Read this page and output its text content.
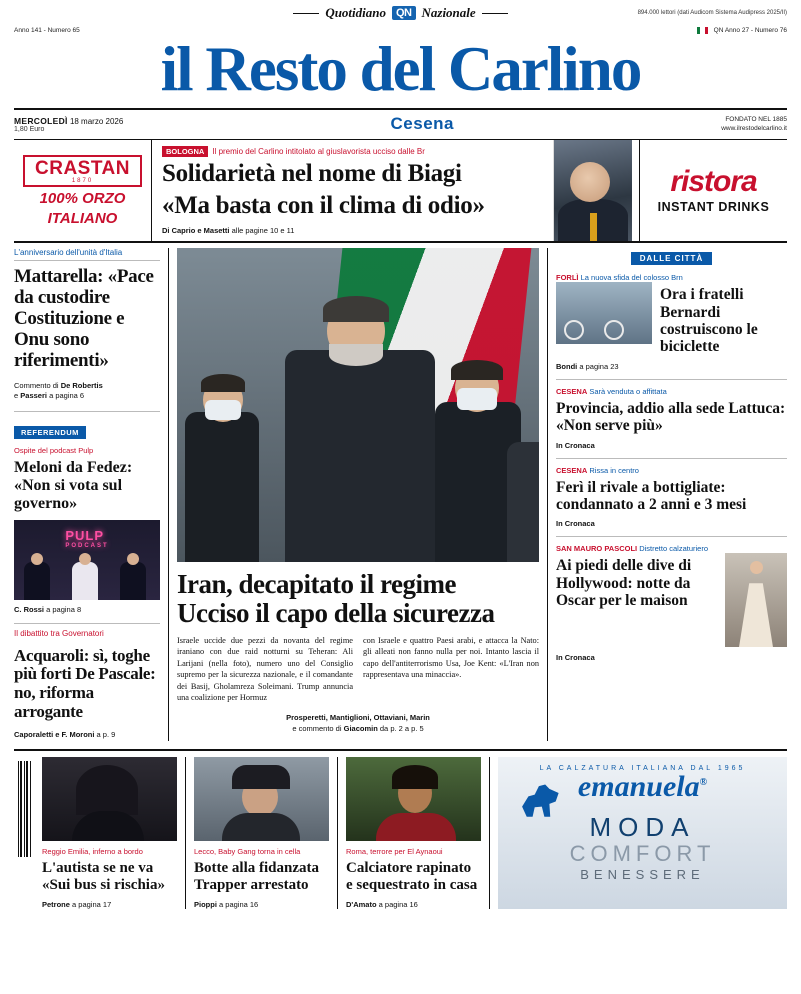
Quotidiano QN Nazionale	894.000 lettori (dati Audicom Sistema Audipress 2025/II)
Anno 141 - Numero 65	QN Anno 27 - Numero 76
il Resto del Carlino
MERCOLEDÌ 18 marzo 2026
1,80 Euro	Cesena	FONDATO NEL 1885
www.ilrestodelcarlino.it
CRASTAN
1870
100% ORZO
ITALIANO
BOLOGNA Il premio del Carlino intitolato al giuslavorista ucciso dalle Br
Solidarietà nel nome di Biagi
«Ma basta con il clima di odio»
Di Caprio e Masetti alle pagine 10 e 11
ristora
INSTANT DRINKS
L'anniversario dell'unità d'Italia
Mattarella: «Pace da custodire Costituzione e Onu sono riferimenti»
Commento di De Robertis
e Passeri a pagina 6
REFERENDUM
Ospite del podcast Pulp
Meloni da Fedez: «Non si vota sul governo»
PULP
PODCAST
C. Rossi a pagina 8
Il dibattito tra Governatori
Acquaroli: sì, toghe più forti De Pascale: no, riforma arrogante
Caporaletti e F. Moroni a p. 9
Iran, decapitato il regime
Ucciso il capo della sicurezza

Israele uccide due pezzi da novanta del regime iraniano con due raid notturni su Teheran: Ali Larijani (nella foto), numero uno del Consiglio supremo per la sicurezza nazionale, e il comandante dei Basij, Gholamreza Soleimani. Trump annuncia una coalizione per Hormuz

con Israele e quattro Paesi arabi, e attacca la Nato: gli alleati non fanno nulla per noi. Intanto lascia il capo dell'antiterrorismo Usa, Joe Kent: «L'Iran non rappresentava una minaccia».

Prosperetti, Mantiglioni, Ottaviani, Marin
e commento di Giacomin da p. 2 a p. 5
DALLE CITTÀ
FORLÌ La nuova sfida del colosso Brn
Ora i fratelli Bernardi costruiscono le biciclette
Bondi a pagina 23
CESENA Sarà venduta o affittata
Provincia, addio alla sede Lattuca: «Non serve più»
In Cronaca
CESENA Rissa in centro
Ferì il rivale a bottigliate: condannato a 2 anni e 3 mesi
In Cronaca
SAN MAURO PASCOLI Distretto calzaturiero
Ai piedi delle dive di Hollywood: notte da Oscar per le maison
In Cronaca
Reggio Emilia, inferno a bordo
L'autista se ne va «Sui bus si rischia»
Petrone a pagina 17
Lecco, Baby Gang torna in cella
Botte alla fidanzata Trapper arrestato
Pioppi a pagina 16
Roma, terrore per El Aynaoui
Calciatore rapinato e sequestrato in casa
D'Amato a pagina 16
LA CALZATURA ITALIANA DAL 1965
emanuela®
MODA
COMFORT
BENESSERE
